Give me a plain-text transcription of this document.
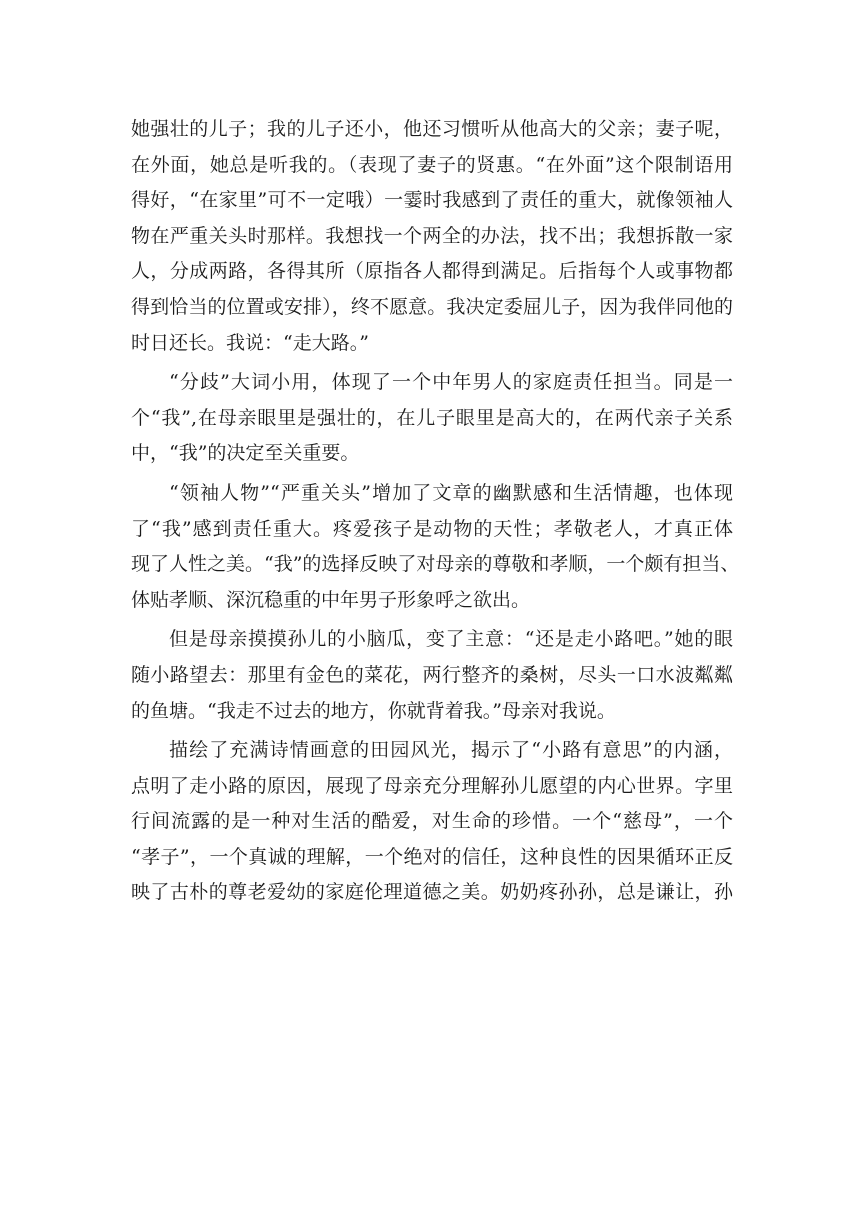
她强壮的儿子；我的儿子还小，他还习惯听从他高大的父亲；妻子呢，
在外面，她总是听我的。（表现了妻子的贤惠。“在外面”这个限制语用
得好，“在家里”可不一定哦）一霎时我感到了责任的重大，就像领袖人
物在严重关头时那样。我想找一个两全的办法，找不出；我想拆散一家
人，分成两路，各得其所（原指各人都得到满足。后指每个人或事物都
得到恰当的位置或安排），终不愿意。我决定委屈儿子，因为我伴同他的
时日还长。我说：“走大路。”
“分歧”大词小用，体现了一个中年男人的家庭责任担当。同是一
个“我”,在母亲眼里是强壮的，在儿子眼里是高大的，在两代亲子关系
中，“我”的决定至关重要。
“领袖人物”“严重关头”增加了文章的幽默感和生活情趣，也体现
了“我”感到责任重大。疼爱孩子是动物的天性；孝敬老人，才真正体
现了人性之美。“我”的选择反映了对母亲的尊敬和孝顺，一个颇有担当、
体贴孝顺、深沉稳重的中年男子形象呼之欲出。
但是母亲摸摸孙儿的小脑瓜，变了主意：“还是走小路吧。”她的眼
随小路望去：那里有金色的菜花，两行整齐的桑树，尽头一口水波粼粼
的鱼塘。“我走不过去的地方，你就背着我。”母亲对我说。
描绘了充满诗情画意的田园风光，揭示了“小路有意思”的内涵，
点明了走小路的原因，展现了母亲充分理解孙儿愿望的内心世界。字里
行间流露的是一种对生活的酷爱，对生命的珍惜。一个“慈母”，一个
“孝子”，一个真诚的理解，一个绝对的信任，这种良性的因果循环正反
映了古朴的尊老爱幼的家庭伦理道德之美。奶奶疼孙孙，总是谦让，孙
